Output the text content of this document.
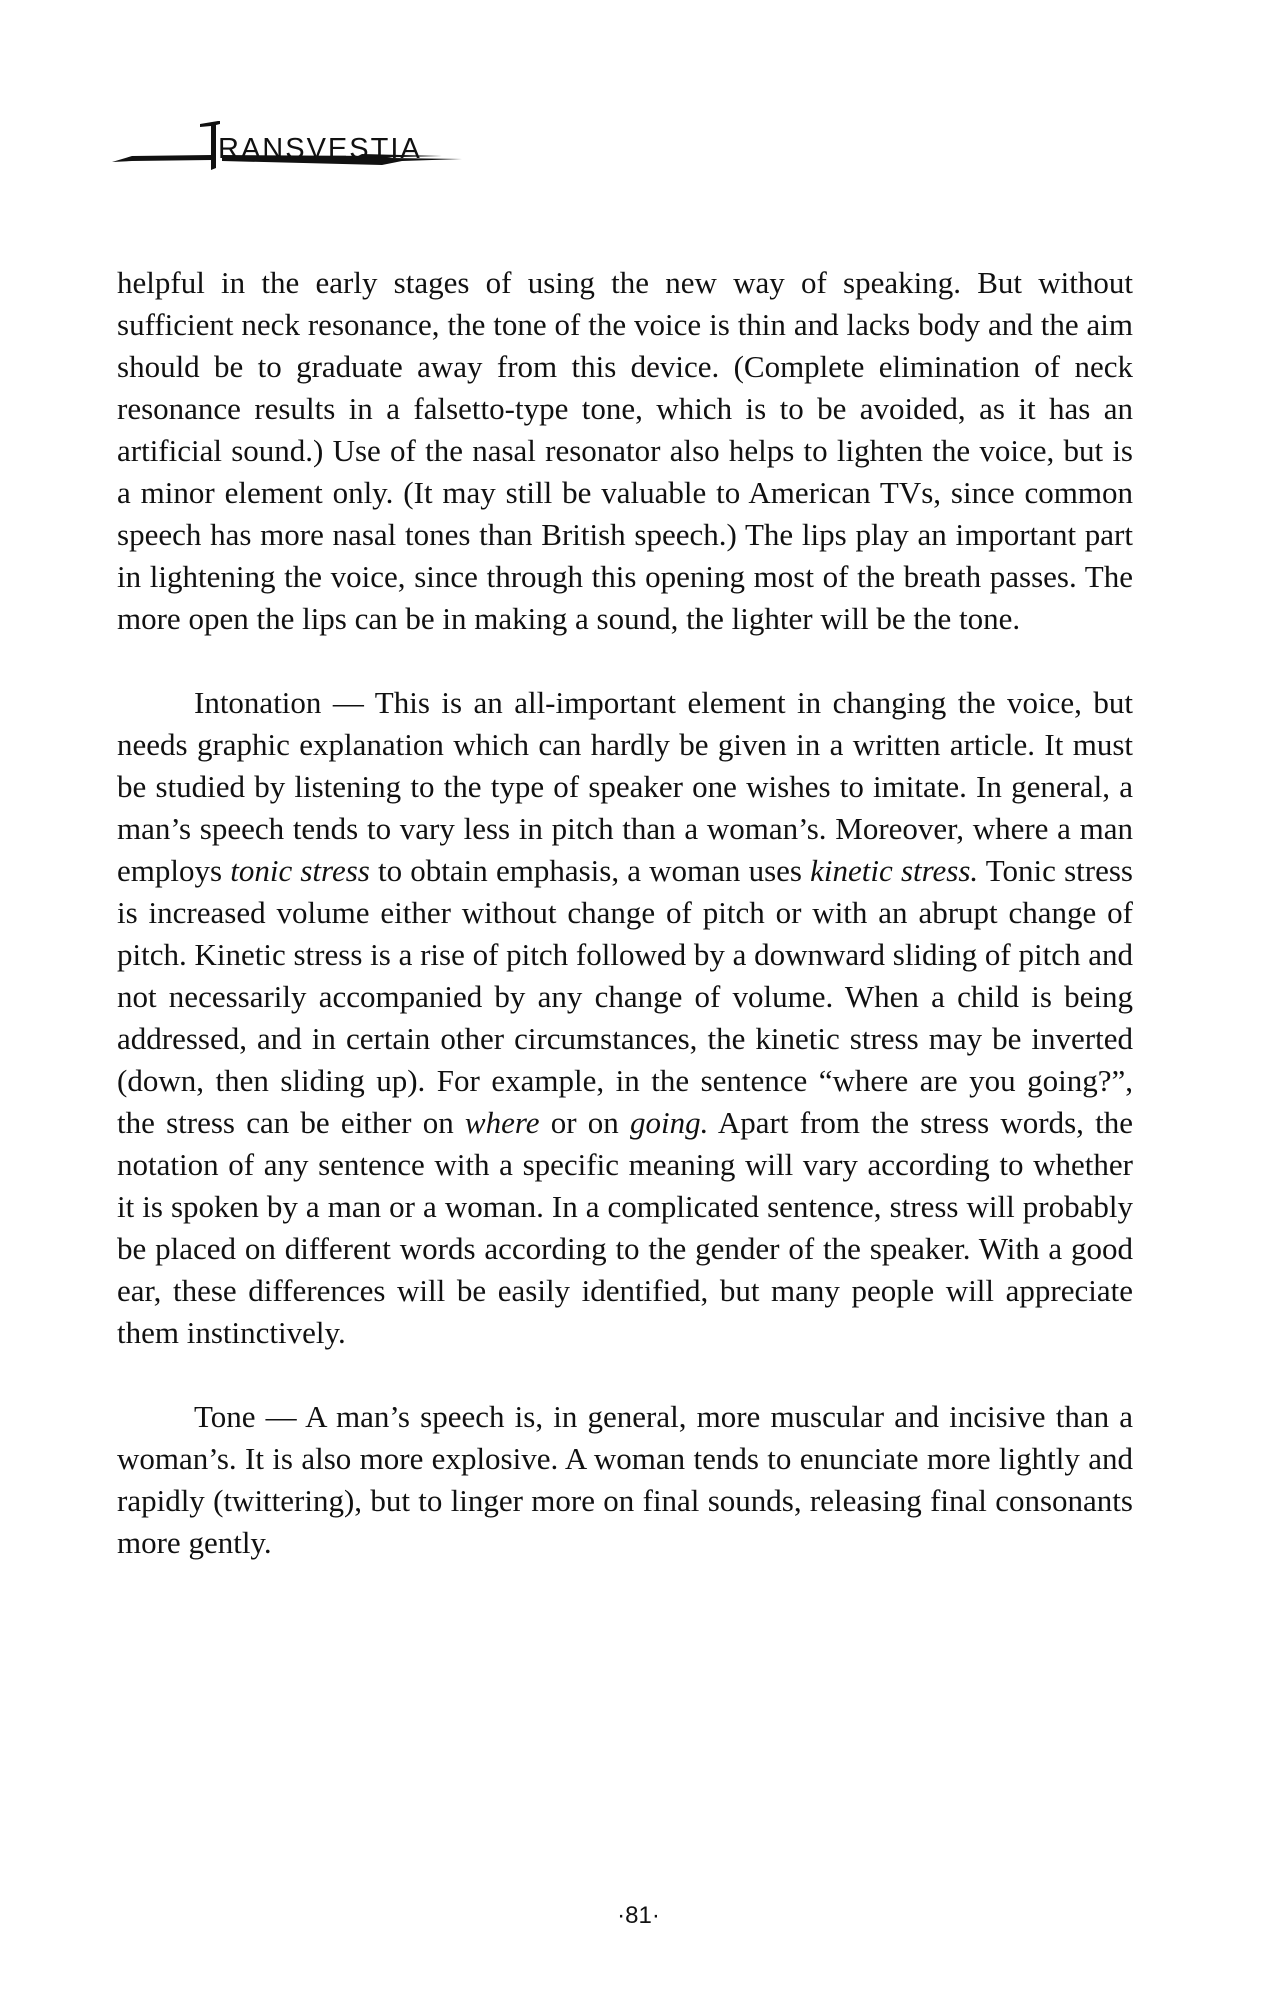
RANSVESTIA

helpful in the early stages of using the new way of speaking. But without sufficient neck resonance, the tone of the voice is thin and lacks body and the aim should be to graduate away from this device. (Complete elimination of neck resonance results in a falsetto-type tone, which is to be avoided, as it has an artificial sound.) Use of the nasal resonator also helps to lighten the voice, but is a minor element only. (It may still be valuable to American TVs, since common speech has more nasal tones than British speech.) The lips play an important part in lightening the voice, since through this opening most of the breath passes. The more open the lips can be in making a sound, the lighter will be the tone.

Intonation — This is an all-important element in changing the voice, but needs graphic explanation which can hardly be given in a written article. It must be studied by listening to the type of speaker one wishes to imitate. In general, a man’s speech tends to vary less in pitch than a woman’s. Moreover, where a man employs tonic stress to obtain emphasis, a woman uses kinetic stress. Tonic stress is increased volume either without change of pitch or with an abrupt change of pitch. Kinetic stress is a rise of pitch followed by a downward sliding of pitch and not necessarily accompanied by any change of volume. When a child is being addressed, and in certain other circumstances, the kinetic stress may be inverted (down, then sliding up). For example, in the sentence “where are you going?”, the stress can be either on where or on going. Apart from the stress words, the notation of any sentence with a specific meaning will vary according to whether it is spoken by a man or a woman. In a complicated sentence, stress will probably be placed on different words according to the gender of the speaker. With a good ear, these differences will be easily identified, but many people will appreciate them instinctively.

Tone — A man’s speech is, in general, more muscular and incisive than a woman’s. It is also more explosive. A woman tends to enunciate more lightly and rapidly (twittering), but to linger more on final sounds, releasing final consonants more gently.

·81·
